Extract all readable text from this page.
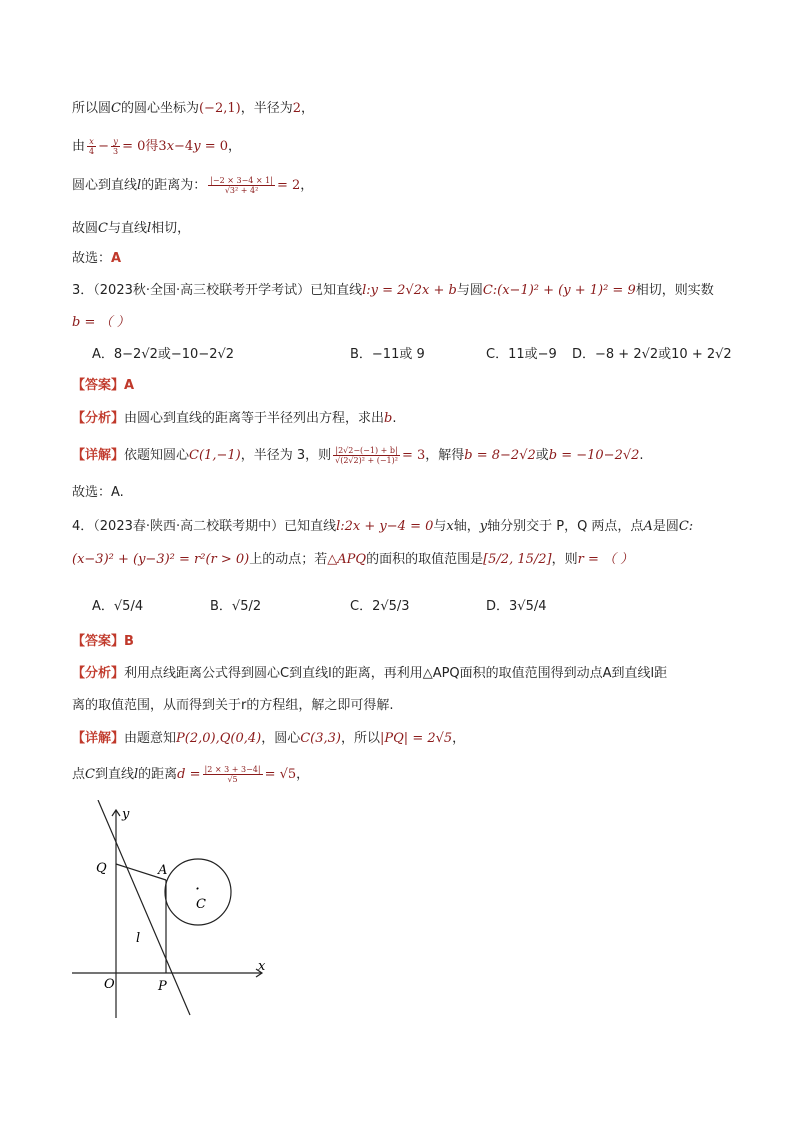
所以圆C的圆心坐标为(−2,1)，半径为2，
由 $\frac{x}{4} - \frac{y}{3} = 0$得3x−4y = 0，
圆心到直线l的距离为： $\frac{|-2 \times 3-4 \times 1|}{\text{√3² + 4²}} = 2$，
故圆C与直线l相切，
故选：A
3．（2023秋·全国·高三校联考开学考试）已知直线l:y = 2√2x + b与圆C:(x−1)² + (y + 1)² = 9相切，则实数
b = （ ）
A．8−2√2或−10−2√2	B．−11或 9	C．11或−9 D．−8 + 2√2或10 + 2√2
【答案】A
【分析】由圆心到直线的距离等于半径列出方程，求出b.
【详解】依题知圆心C(1,−1)，半径为 3，则 $\frac{|2√2-(-1) + b|}{\text{√(2√2)² + (−1)²}} = 3$，解得b = 8−2√2或b = −10−2√2.
故选：A.
4．（2023春·陕西·高二校联考期中）已知直线l:2x + y−4 = 0与x轴，y轴分别交于 P，Q 两点，点A是圆C:
(x−3)² + (y−3)² = r²(r > 0)上的动点；若△APQ的面积的取值范围是[5/2, 15/2]，则r = （ ）
A．√5/4	B．√5/2	C．2√5/3	D．3√5/4
【答案】B
【分析】利用点线距离公式得到圆心C到直线l的距离，再利用△APQ面积的取值范围得到动点A到直线l距
离的取值范围，从而得到关于r的方程组，解之即可得解.
【详解】由题意知P(2,0),Q(0,4)，圆心C(3,3)，所以|PQ| = 2√5，
点C到直线l的距离$d = \frac{|2 \times 3 + 3-4|}{√5} = √5$，
y
x
O
Q
P
A
·
C
l
